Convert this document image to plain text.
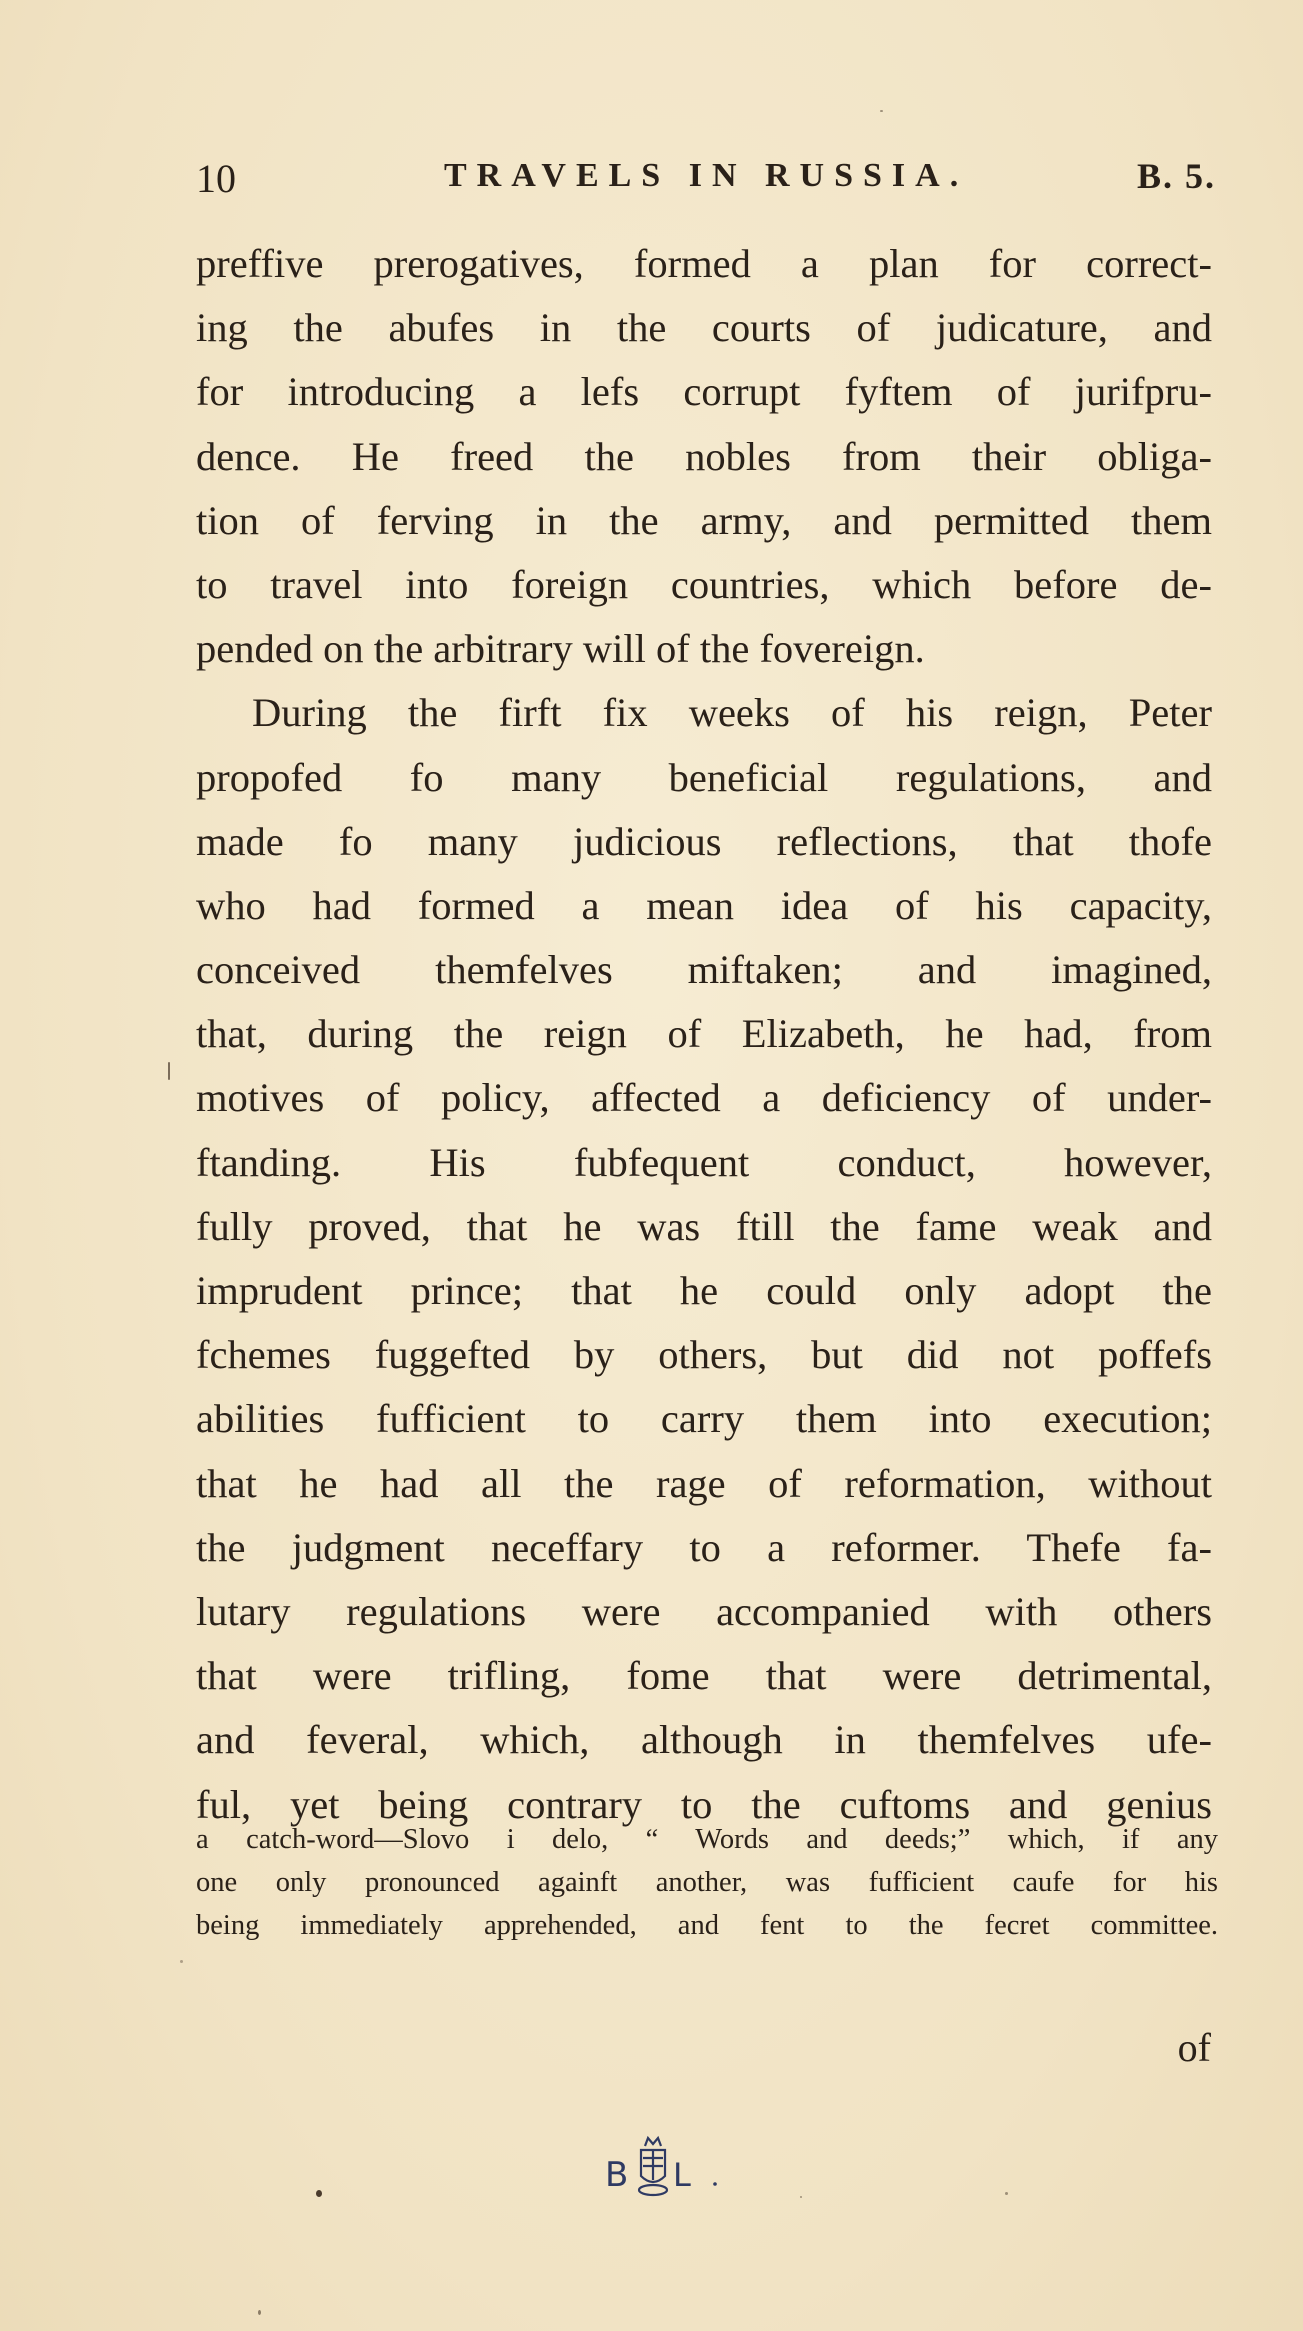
10	TRAVELS IN RUSSIA.	B. 5.
preffive prerogatives, formed a plan for correct-
ing the abufes in the courts of judicature, and
for introducing a lefs corrupt fyftem of jurifpru-
dence. He freed the nobles from their obliga-
tion of ferving in the army, and permitted them
to travel into foreign countries, which before de-
pended on the arbitrary will of the fovereign.
During the firft fix weeks of his reign, Peter
propofed fo many beneficial regulations, and
made fo many judicious reflections, that thofe
who had formed a mean idea of his capacity,
conceived themfelves miftaken; and imagined,
that, during the reign of Elizabeth, he had, from
motives of policy, affected a deficiency of under-
ftanding. His fubfequent conduct, however,
fully proved, that he was ftill the fame weak and
imprudent prince; that he could only adopt the
fchemes fuggefted by others, but did not poffefs
abilities fufficient to carry them into execution;
that he had all the rage of reformation, without
the judgment neceffary to a reformer. Thefe fa-
lutary regulations were accompanied with others
that were trifling, fome that were detrimental,
and feveral, which, although in themfelves ufe-
ful, yet being contrary to the cuftoms and genius
a catch-word—Slovo i delo, “ Words and deeds;” which, if any
one only pronounced againft another, was fufficient caufe for his
being immediately apprehended, and fent to the fecret committee.
of
B L
